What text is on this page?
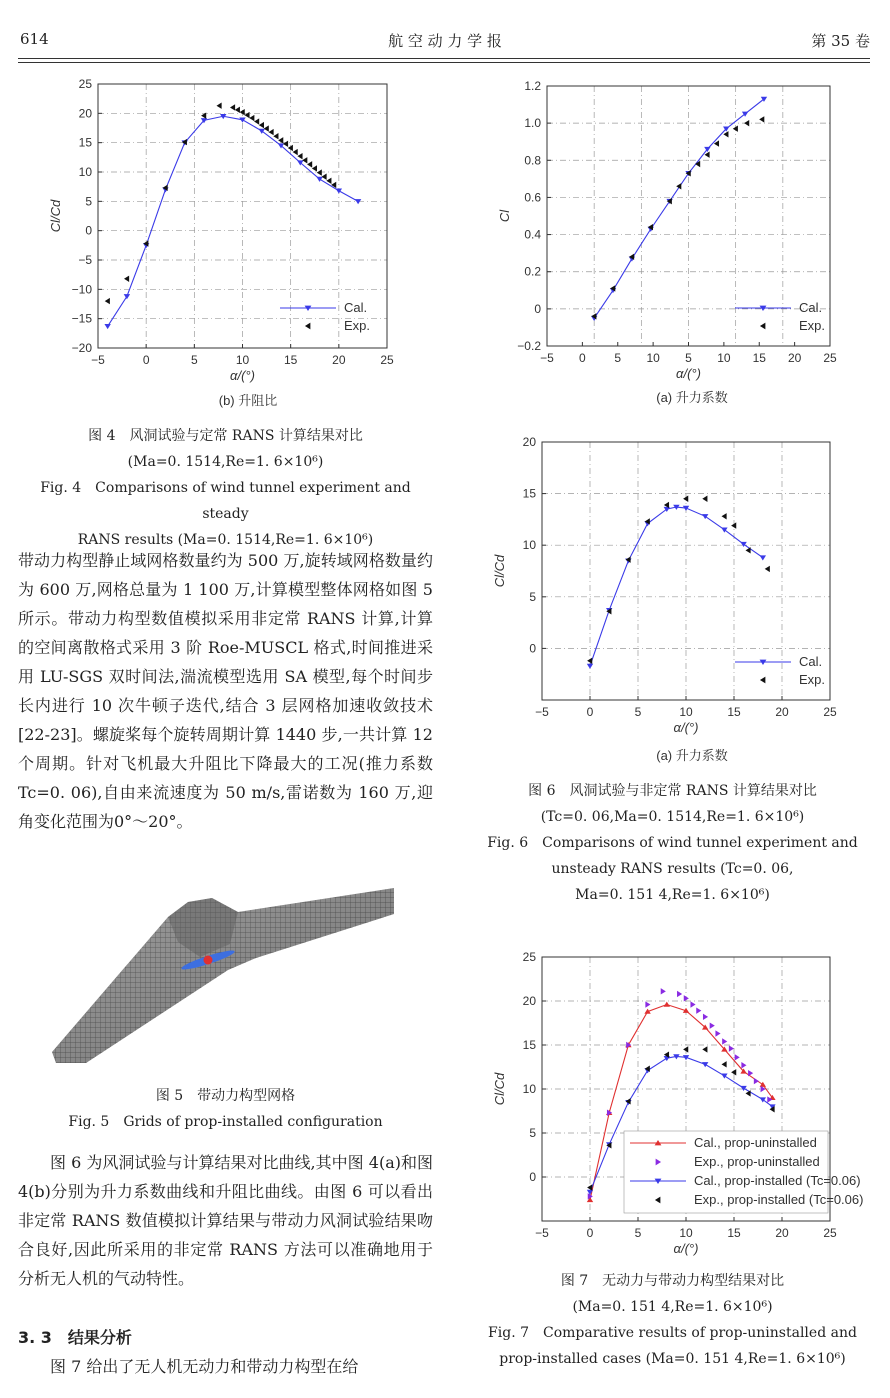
614	航 空 动 力 学 报	第 35 卷
−5	0	5	10	15	20	25
−20
−15
−10
−5
0
5
10
15
20
25
α/(°)
Cl/Cd
Cal.
Exp.
(b) 升阻比
图 4　风洞试验与定常 RANS 计算结果对比
(Ma=0. 1514,Re=1. 6×10⁶)
Fig. 4　Comparisons of wind tunnel experiment and steady
RANS results (Ma=0. 1514,Re=1. 6×10⁶)

带动力构型静止域网格数量约为 500 万,旋转域网格数量约为 600 万,网格总量为 1 100 万,计算模型整体网格如图 5 所示。带动力构型数值模拟采用非定常 RANS 计算,计算的空间离散格式采用 3 阶 Roe-MUSCL 格式,时间推进采用 LU-SGS 双时间法,湍流模型选用 SA 模型,每个时间步长内进行 10 次牛顿子迭代,结合 3 层网格加速收敛技术[22-23]。螺旋桨每个旋转周期计算 1440 步,一共计算 12 个周期。针对飞机最大升阻比下降最大的工况(推力系数 Tc=0. 06),自由来流速度为 50 m/s,雷诺数为 160 万,迎角变化范围为0°～20°。

图 5　带动力构型网格
Fig. 5　Grids of prop-installed configuration

　　图 6 为风洞试验与计算结果对比曲线,其中图 4(a)和图 4(b)分别为升力系数曲线和升阻比曲线。由图 6 可以看出非定常 RANS 数值模拟计算结果与带动力风洞试验结果吻合良好,因此所采用的非定常 RANS 方法可以准确地用于分析无人机的气动特性。

3. 3　结果分析

　　图 7 给出了无人机无动力和带动力构型在给

−5 0 5 10 5 10 15 20 25
−0.2
0
0.2
0.4
0.6
0.8
1.0
1.2
α/(°)
Cl
Cal.
Exp.
(a) 升力系数
−5	0	5	10	15	20	25
0
5
10
15
20
α/(°)
Cl/Cd
Cal.
Exp.
(a) 升力系数
图 6　风洞试验与非定常 RANS 计算结果对比
(Tc=0. 06,Ma=0. 1514,Re=1. 6×10⁶)
Fig. 6　Comparisons of wind tunnel experiment and
unsteady RANS results (Tc=0. 06,
Ma=0. 151 4,Re=1. 6×10⁶)
−5	0	5	10	15	20	25
0
5
10
15
20
25
α/(°)
Cl/Cd
Cal., prop-uninstalled
Exp., prop-uninstalled
Cal., prop-installed (Tc=0.06)
Exp., prop-installed (Tc=0.06)
图 7　无动力与带动力构型结果对比
(Ma=0. 151 4,Re=1. 6×10⁶)
Fig. 7　Comparative results of prop-uninstalled and
prop-installed cases (Ma=0. 151 4,Re=1. 6×10⁶)
